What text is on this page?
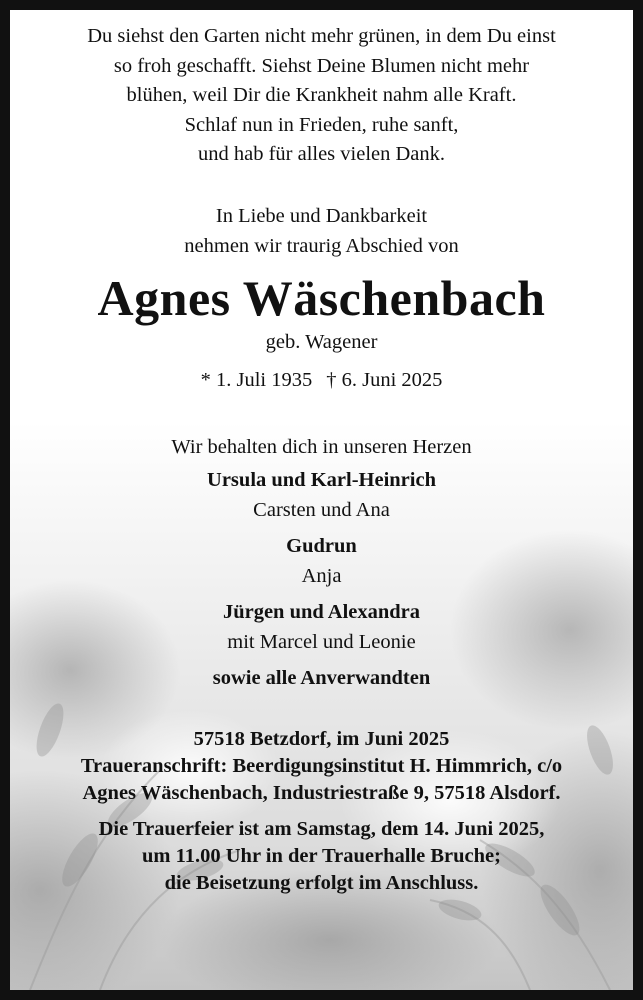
Du siehst den Garten nicht mehr grünen, in dem Du einst
so froh geschafft. Siehst Deine Blumen nicht mehr
blühen, weil Dir die Krankheit nahm alle Kraft.
Schlaf nun in Frieden, ruhe sanft,
und hab für alles vielen Dank.
In Liebe und Dankbarkeit
nehmen wir traurig Abschied von
Agnes Wäschenbach
geb. Wagener
* 1. Juli 1935 † 6. Juni 2025
Wir behalten dich in unseren Herzen
Ursula und Karl-Heinrich
Carsten und Ana
Gudrun
Anja
Jürgen und Alexandra
mit Marcel und Leonie
sowie alle Anverwandten
57518 Betzdorf, im Juni 2025
Traueranschrift: Beerdigungsinstitut H. Himmrich, c/o
Agnes Wäschenbach, Industriestraße 9, 57518 Alsdorf.
Die Trauerfeier ist am Samstag, dem 14. Juni 2025,
um 11.00 Uhr in der Trauerhalle Bruche;
die Beisetzung erfolgt im Anschluss.
